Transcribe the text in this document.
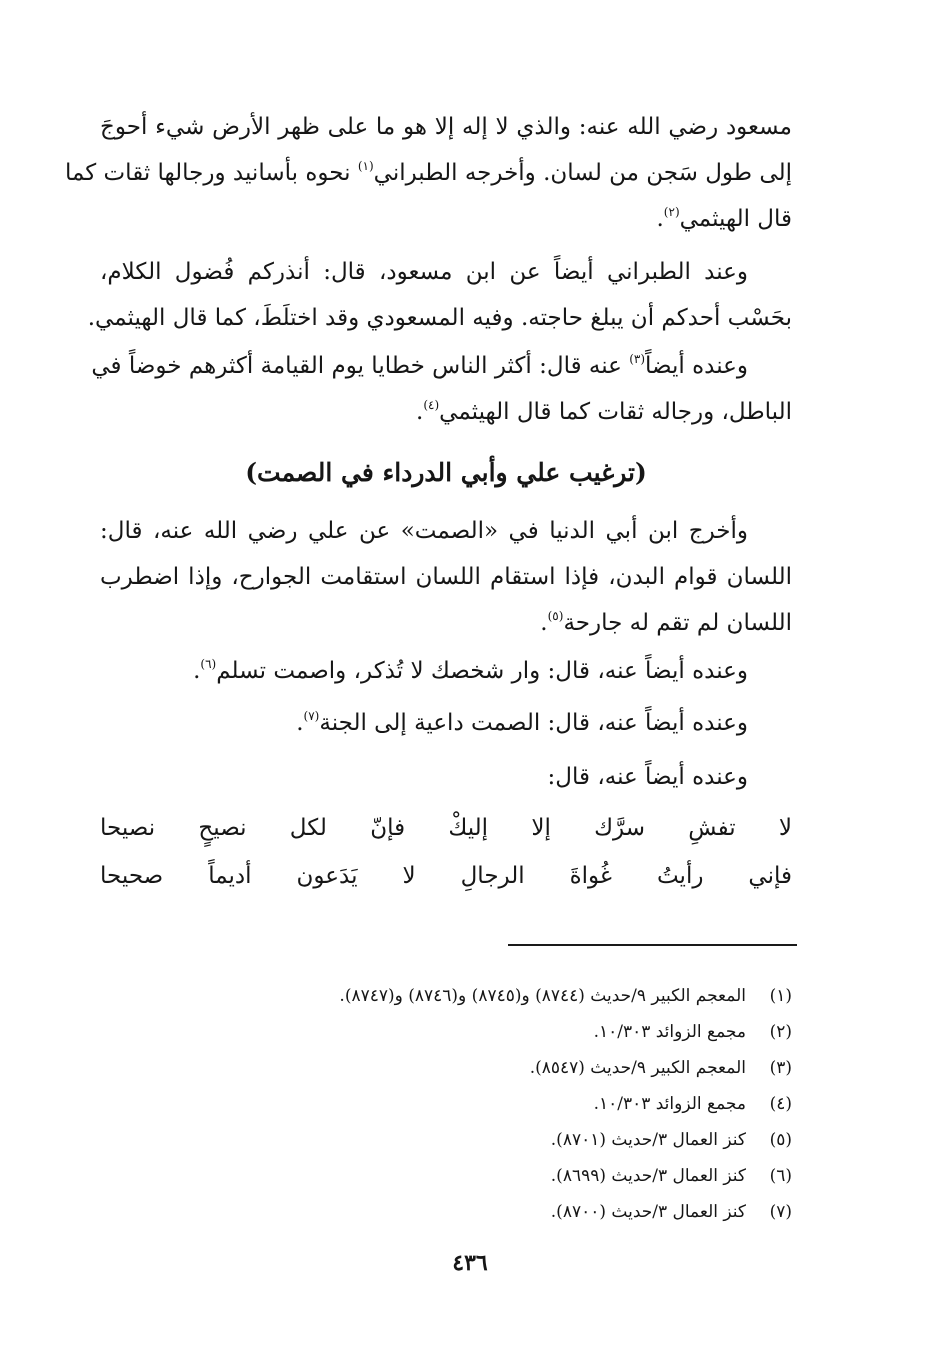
مسعود رضي الله عنه: والذي لا إله إلا هو ما على ظهر الأرض شيء أحوجَ
إلى طول سَجن من لسان. وأخرجه الطبراني$^{(١)}$ نحوه بأسانيد ورجالها ثقات كما
قال الهيثمي$^{(٢)}$.
وعند الطبراني أيضاً عن ابن مسعود، قال: أنذركم فُضول الكلام،
بحَسْب أحدكم أن يبلغ حاجته. وفيه المسعودي وقد اختلَطَ، كما قال الهيثمي.
وعنده أيضاً$^{(٣)}$ عنه قال: أكثر الناس خطايا يوم القيامة أكثرهم خوضاً في
الباطل، ورجاله ثقات كما قال الهيثمي$^{(٤)}$.
(ترغيب علي وأبي الدرداء في الصمت)
وأخرج ابن أبي الدنيا في «الصمت» عن علي رضي الله عنه، قال:
اللسان قوام البدن، فإذا استقام اللسان استقامت الجوارح، وإذا اضطرب
اللسان لم تقم له جارحة$^{(٥)}$.
وعنده أيضاً عنه، قال: وار شخصك لا تُذكر، واصمت تسلم$^{(٦)}$.
وعنده أيضاً عنه، قال: الصمت داعية إلى الجنة$^{(٧)}$.
وعنده أيضاً عنه، قال:
لا
تفشِ
سرَّك
إلا
إليكْ
فإنّ
لكل
نصيحٍ
نصيحا
فإني
رأيتُ
غُواةَ
الرجالِ
لا
يَدَعون
أديماً
صحيحا
(١)
المعجم الكبير ٩/حديث (٨٧٤٤) و(٨٧٤٥) و(٨٧٤٦) و(٨٧٤٧).
(٢)
مجمع الزوائد ١٠/٣٠٣.
(٣)
المعجم الكبير ٩/حديث (٨٥٤٧).
(٤)
مجمع الزوائد ١٠/٣٠٣.
(٥)
كنز العمال ٣/حديث (٨٧٠١).
(٦)
كنز العمال ٣/حديث (٨٦٩٩).
(٧)
كنز العمال ٣/حديث (٨٧٠٠).
٤٣٦
